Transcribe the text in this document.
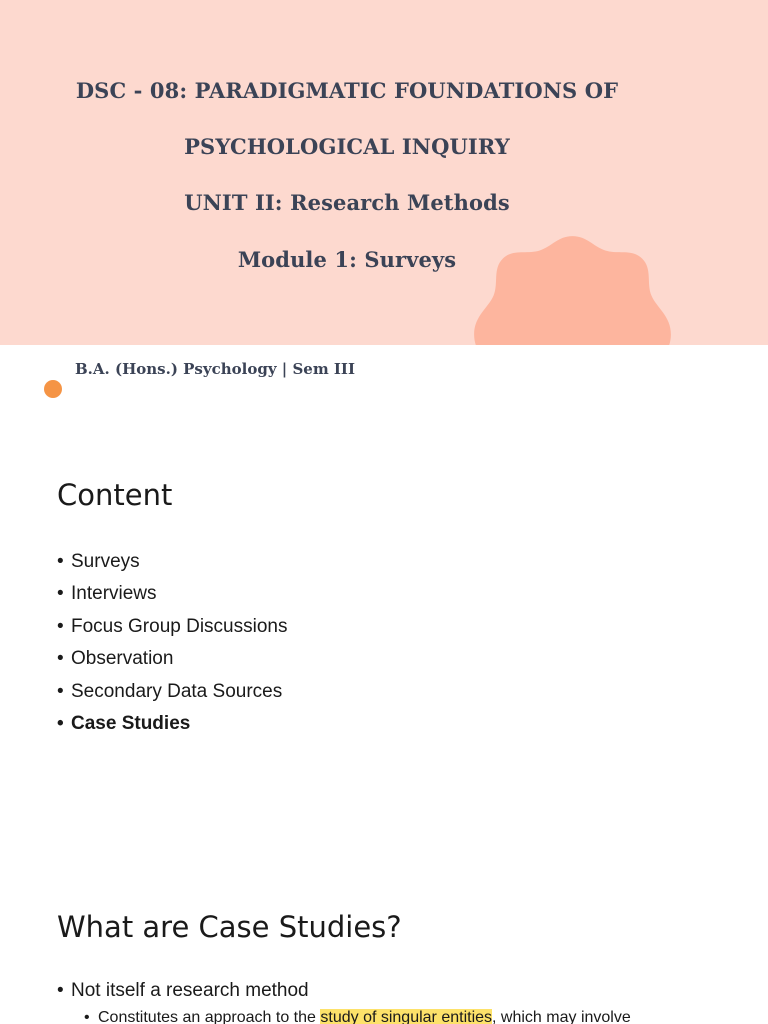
DSC - 08: PARADIGMATIC FOUNDATIONS OF
PSYCHOLOGICAL INQUIRY
UNIT II: Research Methods
Module 1: Surveys
B.A. (Hons.) Psychology | Sem III
Content
• Surveys
• Interviews
• Focus Group Discussions
• Observation
• Secondary Data Sources
• Case Studies
What are Case Studies?
• Not itself a research method
• Constitutes an approach to the study of singular entities, which may involve
